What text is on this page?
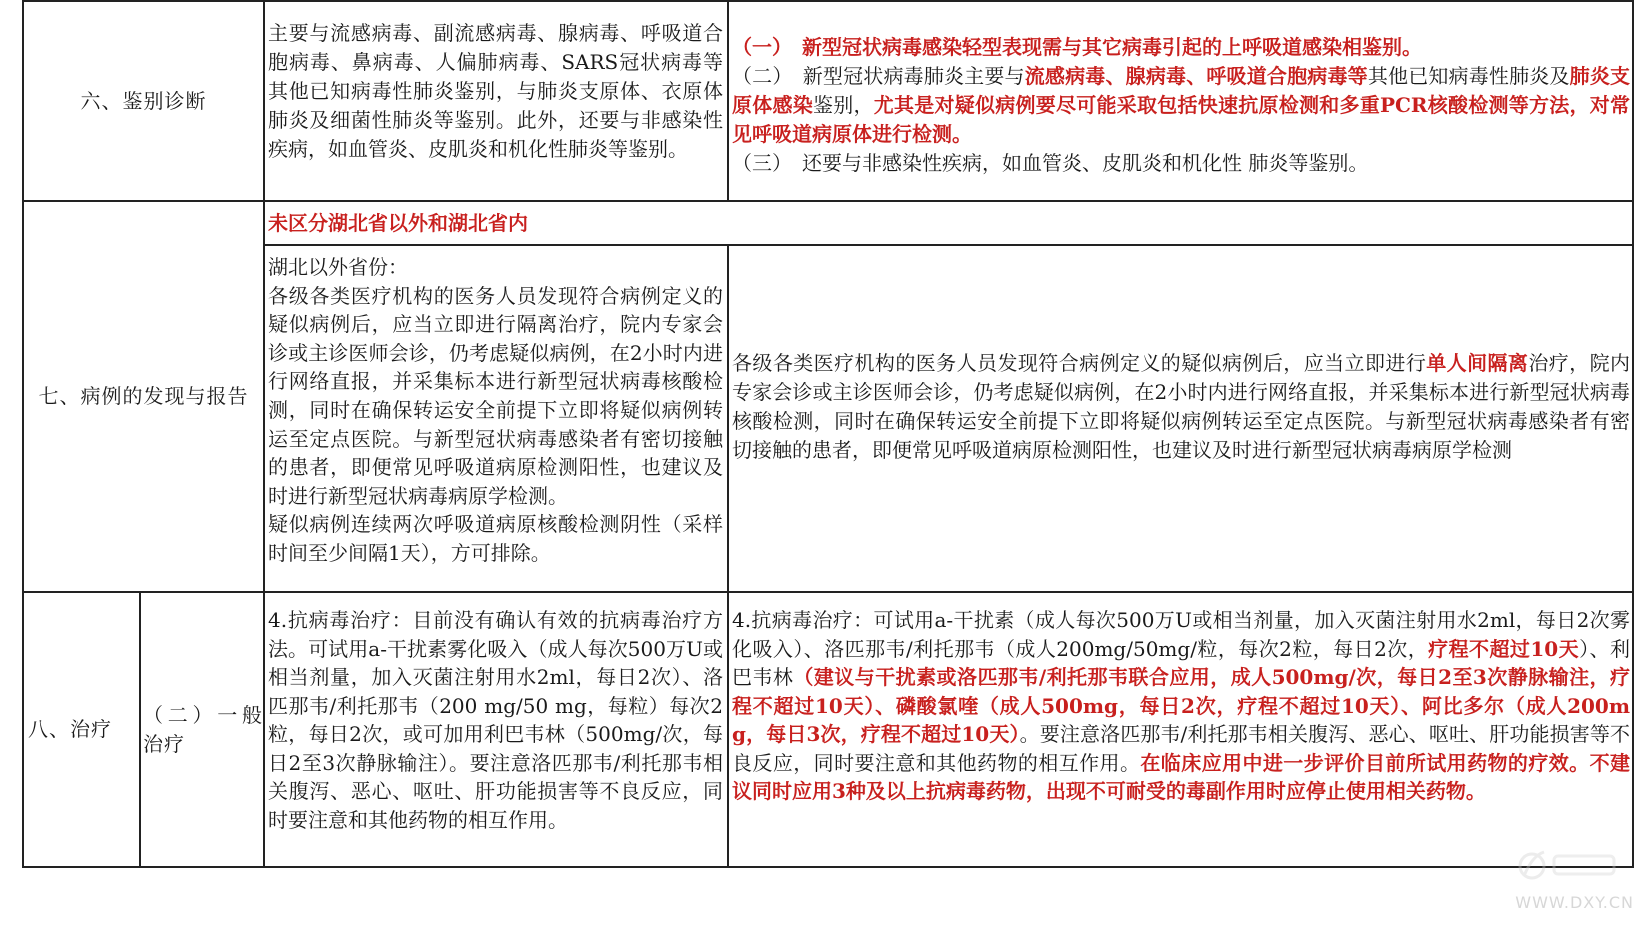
六、鉴别诊断

主要与流感病毒、副流感病毒、腺病毒、呼吸道合胞病毒、鼻病毒、人偏肺病毒、SARS冠状病毒等其他已知病毒性肺炎鉴别，与肺炎支原体、衣原体肺炎及细菌性肺炎等鉴别。此外，还要与非感染性疾病，如血管炎、皮肌炎和机化性肺炎等鉴别。

（一）　新型冠状病毒感染轻型表现需与其它病毒引起的上呼吸道感染相鉴别。

（二）　新型冠状病毒肺炎主要与流感病毒、腺病毒、呼吸道合胞病毒等其他已知病毒性肺炎及肺炎支原体感染鉴别，尤其是对疑似病例要尽可能采取包括快速抗原检测和多重PCR核酸检测等方法，对常见呼吸道病原体进行检测。

（三）　还要与非感染性疾病，如血管炎、皮肌炎和机化性 肺炎等鉴别。

七、病例的发现与报告
未区分湖北省以外和湖北省内

湖北以外省份：

各级各类医疗机构的医务人员发现符合病例定义的疑似病例后，应当立即进行隔离治疗，院内专家会诊或主诊医师会诊，仍考虑疑似病例，在2小时内进行网络直报，并采集标本进行新型冠状病毒核酸检测，同时在确保转运安全前提下立即将疑似病例转运至定点医院。与新型冠状病毒感染者有密切接触的患者，即便常见呼吸道病原检测阳性，也建议及时进行新型冠状病毒病原学检测。

疑似病例连续两次呼吸道病原核酸检测阴性（采样时间至少间隔1天），方可排除。

各级各类医疗机构的医务人员发现符合病例定义的疑似病例后，应当立即进行单人间隔离治疗，院内专家会诊或主诊医师会诊，仍考虑疑似病例，在2小时内进行网络直报，并采集标本进行新型冠状病毒核酸检测，同时在确保转运安全前提下立即将疑似病例转运至定点医院。与新型冠状病毒感染者有密切接触的患者，即便常见呼吸道病原检测阳性，也建议及时进行新型冠状病毒病原学检测

八、治疗
（二）一般治疗

4.抗病毒治疗：目前没有确认有效的抗病毒治疗方法。可试用a-干扰素雾化吸入（成人每次500万U或相当剂量，加入灭菌注射用水2ml，每日2次）、洛匹那韦/利托那韦（200 mg/50 mg，每粒）每次2粒，每日2次，或可加用利巴韦林（500mg/次，每日2至3次静脉输注）。要注意洛匹那韦/利托那韦相关腹泻、恶心、呕吐、肝功能损害等不良反应，同时要注意和其他药物的相互作用。

4.抗病毒治疗：可试用a-干扰素（成人每次500万U或相当剂量，加入灭菌注射用水2ml，每日2次雾化吸入）、洛匹那韦/利托那韦（成人200mg/50mg/粒，每次2粒，每日2次，疗程不超过10天）、利巴韦林（建议与干扰素或洛匹那韦/利托那韦联合应用，成人500mg/次，每日2至3次静脉输注，疗程不超过10天）、磷酸氯喹（成人500mg，每日2次，疗程不超过10天）、阿比多尔（成人200mg，每日3次，疗程不超过10天）。要注意洛匹那韦/利托那韦相关腹泻、恶心、呕吐、肝功能损害等不良反应，同时要注意和其他药物的相互作用。在临床应用中进一步评价目前所试用药物的疗效。不建议同时应用3种及以上抗病毒药物，出现不可耐受的毒副作用时应停止使用相关药物。

WWW.DXY.CN
